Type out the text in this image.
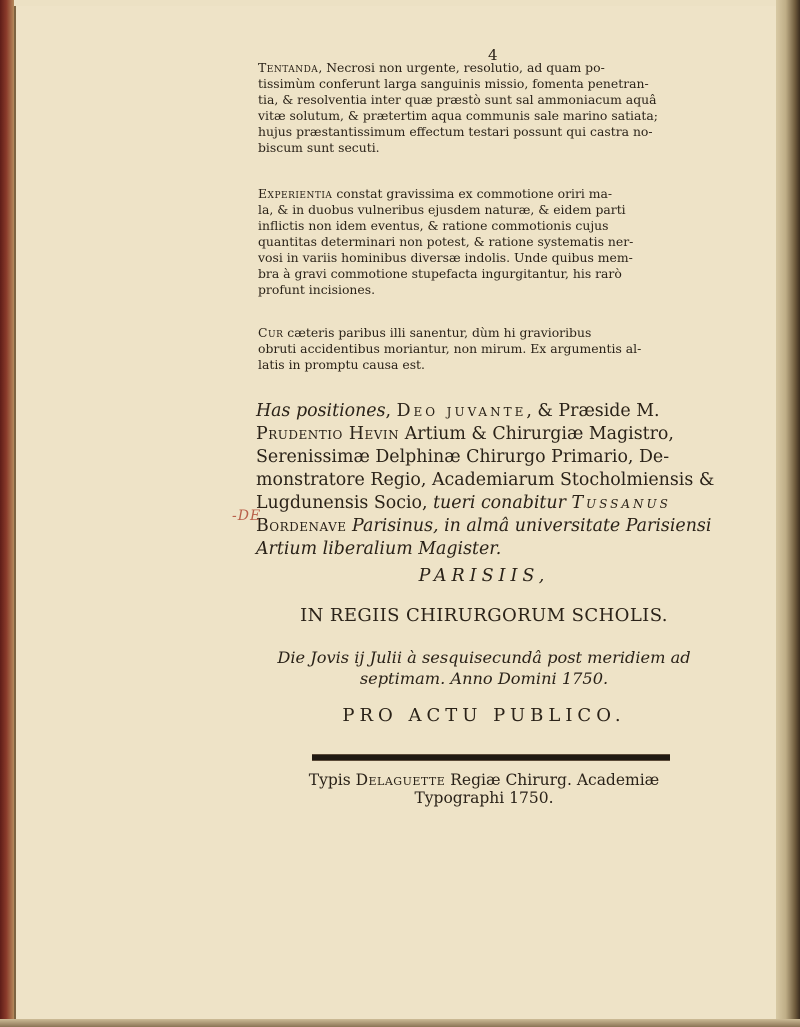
4
Tentanda, Necrosi non urgente, resolutio, ad quam po-
tissimùm conferunt larga sanguinis missio, fomenta penetran-
tia, & resolventia inter quæ præstò sunt sal ammoniacum aquâ
vitæ solutum, & prætertim aqua communis sale marino satiata;
hujus præstantissimum effectum testari possunt qui castra no-
biscum sunt secuti.
Experientia constat gravissima ex commotione oriri ma-
la, & in duobus vulneribus ejusdem naturæ, & eidem parti
inflictis non idem eventus, & ratione commotionis cujus
quantitas determinari non potest, & ratione systematis ner-
vosi in variis hominibus diversæ indolis. Unde quibus mem-
bra à gravi commotione stupefacta ingurgitantur, his rarò
profunt incisiones.
Cur cæteris paribus illi sanentur, dùm hi gravioribus
obruti accidentibus moriantur, non mirum. Ex argumentis al-
latis in promptu causa est.
Has positiones, Deo juvante, & Præside M.
Prudentio Hevin Artium & Chirurgiæ Magistro,
Serenissimæ Delphinæ Chirurgo Primario, De-
monstratore Regio, Academiarum Stocholmiensis &
Lugdunensis Socio, tueri conabitur Tussanus
Bordenave Parisinus, in almâ universitate Parisiensi
Artium liberalium Magister.
-DE
PARISIIS,
IN REGIIS CHIRURGORUM SCHOLIS.
Die Jovis ij Julii à sesquisecundâ post meridiem ad
septimam. Anno Domini 1750.
PRO ACTU PUBLICO.
Typis Delaguette Regiæ Chirurg. Academiæ
Typographi 1750.
